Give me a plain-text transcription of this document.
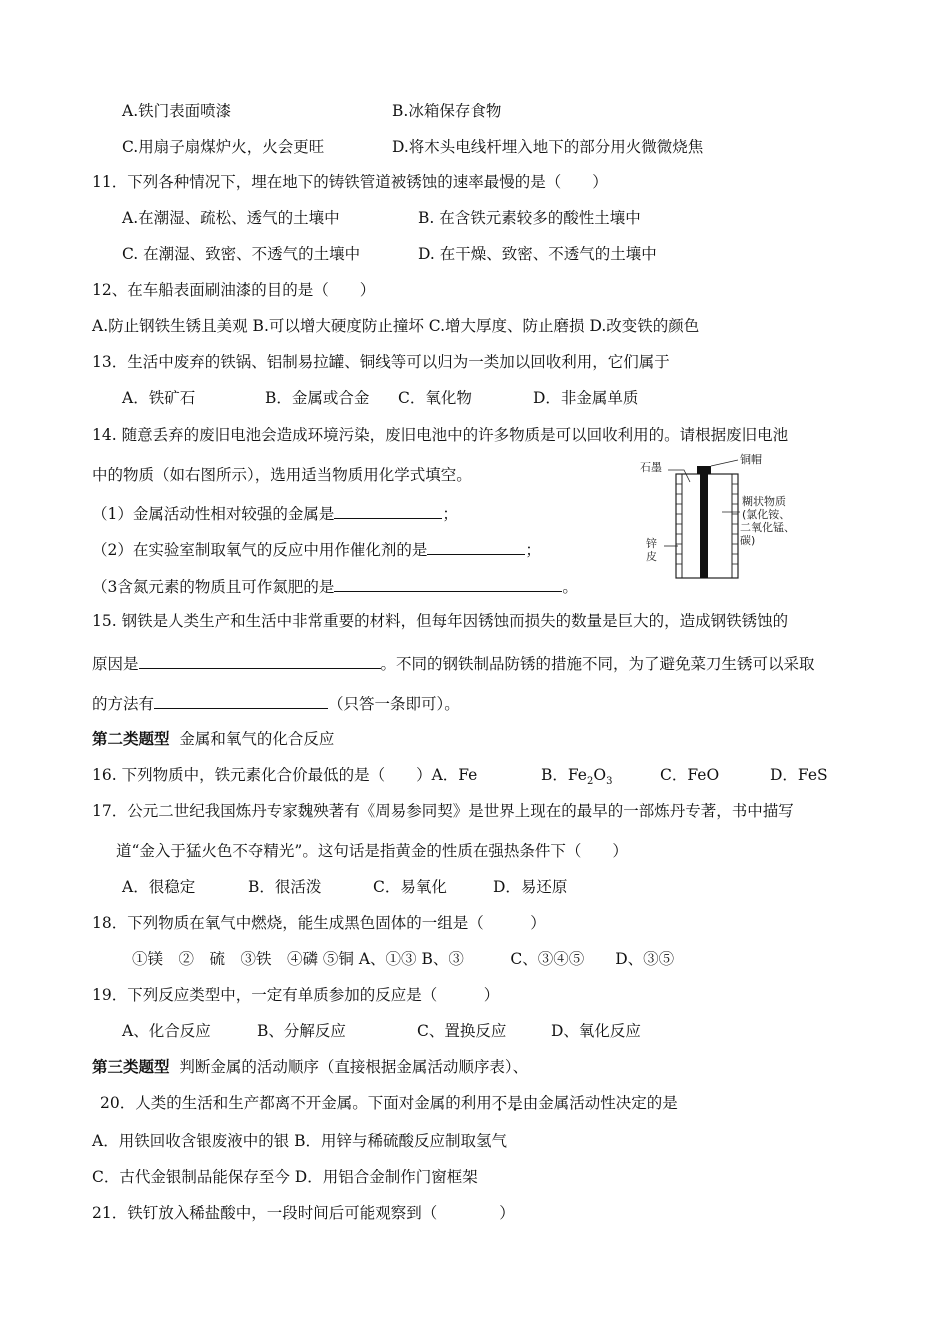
A.铁门表面喷漆	B.冰箱保存食物
C.用扇子扇煤炉火，火会更旺	D.将木头电线杆埋入地下的部分用火微微烧焦
11．下列各种情况下，埋在地下的铸铁管道被锈蚀的速率最慢的是（　　）
A.在潮湿、疏松、透气的土壤中	B. 在含铁元素较多的酸性土壤中
C. 在潮湿、致密、不透气的土壤中	D. 在干燥、致密、不透气的土壤中
12、在车船表面刷油漆的目的是（　　）
A.防止钢铁生锈且美观 B.可以增大硬度防止撞坏 C.增大厚度、防止磨损 D.改变铁的颜色
13．生活中废弃的铁锅、铝制易拉罐、铜线等可以归为一类加以回收利用，它们属于
A．铁矿石	B．金属或合金 C．氧化物	D．非金属单质
14. 随意丢弃的废旧电池会造成环境污染，废旧电池中的许多物质是可以回收利用的。请根据废旧电池
中的物质（如右图所示），选用适当物质用化学式填空。
（1）金属活动性相对较强的金属是	；
（2）在实验室制取氧气的反应中用作催化剂的是	；
（3含氮元素的物质且可作氮肥的是	。
石墨
铜帽
糊状物质
(氯化铵、
二氧化锰、
碳)
锌
皮
15. 钢铁是人类生产和生活中非常重要的材料，但每年因锈蚀而损失的数量是巨大的，造成钢铁锈蚀的
原因是	。不同的钢铁制品防锈的措施不同，为了避免菜刀生锈可以采取
的方法有	（只答一条即可）。
第二类题型 金属和氧气的化合反应
16. 下列物质中，铁元素化合价最低的是（　　）A．Fe	B．$Fe_2O_3$	C．FeO	D．FeS
17．公元二世纪我国炼丹专家魏殃著有《周易参同契》是世界上现在的最早的一部炼丹专著，书中描写
道“金入于猛火色不夺精光”。这句话是指黄金的性质在强热条件下（　　）
A．很稳定	B．很活泼	C．易氧化	D．易还原
18．下列物质在氧气中燃烧，能生成黑色固体的一组是（　　　）
①镁　②　硫　③铁　④磷 ⑤铜 A、①③ B、③　　　C、③④⑤　　D、③⑤
19．下列反应类型中，一定有单质参加的反应是（　　　）
A、化合反应	B、分解反应	C、置换反应	D、氧化反应
第三类题型 判断金属的活动顺序（直接根据金属活动顺序表）、
20．人类的生活和生产都离不开金属。下面对金属的利用不是由金属活动性决定的是
A．用铁回收含银废液中的银 B．用锌与稀硫酸反应制取氢气
C．古代金银制品能保存至今 D．用铝合金制作门窗框架
21．铁钉放入稀盐酸中，一段时间后可能观察到（　　　　）
